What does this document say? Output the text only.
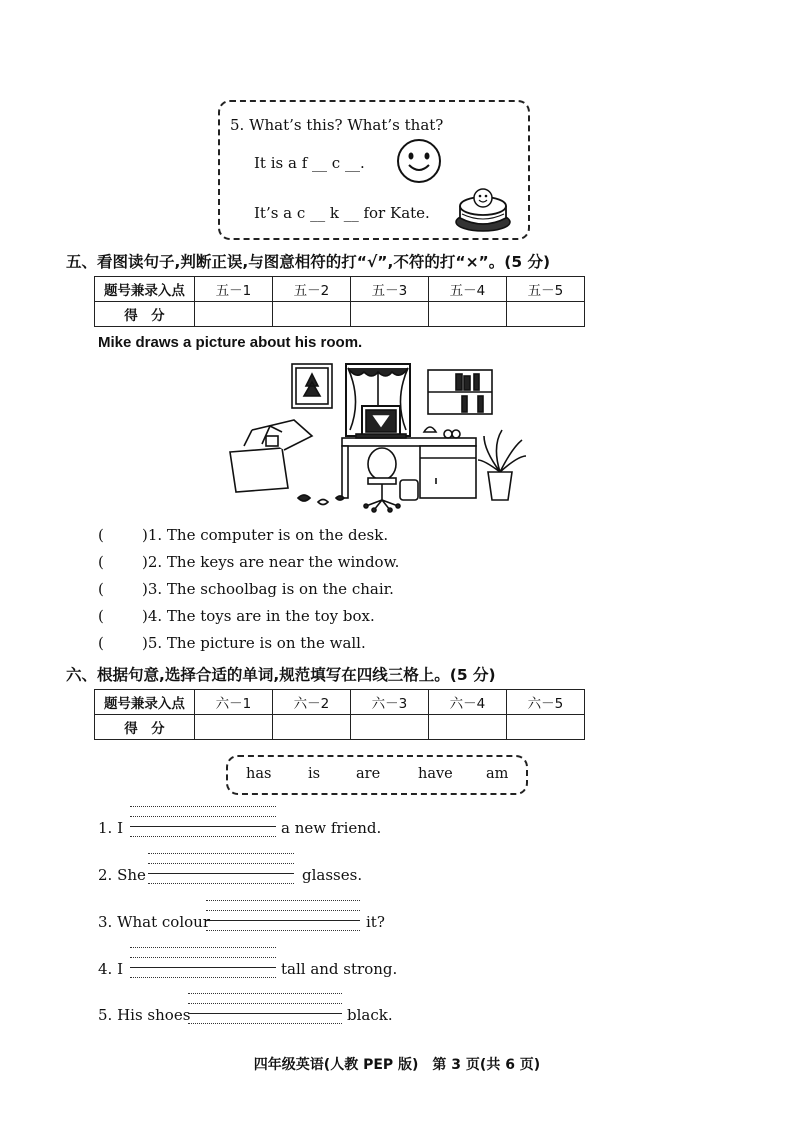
5. What’s this? What’s that?
It is a f __ c __.
It’s a c __ k __ for Kate.
五、看图读句子,判断正误,与图意相符的打“√”,不符的打“×”。(5 分)
题号兼录入点	五－1	五－2	五－3	五－4	五－5
得　分					
Mike draws a picture about his room.
(	)1. The computer is on the desk.
(	)2. The keys are near the window.
(	)3. The schoolbag is on the chair.
(	)4. The toys are in the toy box.
(	)5. The picture is on the wall.
六、根据句意,选择合适的单词,规范填写在四线三格上。(5 分)
题号兼录入点	六－1	六－2	六－3	六－4	六－5
得　分					
has	is are	have am
1. I	a new friend.
2. She	glasses.
3. What colour	it?
4. I	tall and strong.
5. His shoes	black.
四年级英语(人教 PEP 版)　第 3 页(共 6 页)
